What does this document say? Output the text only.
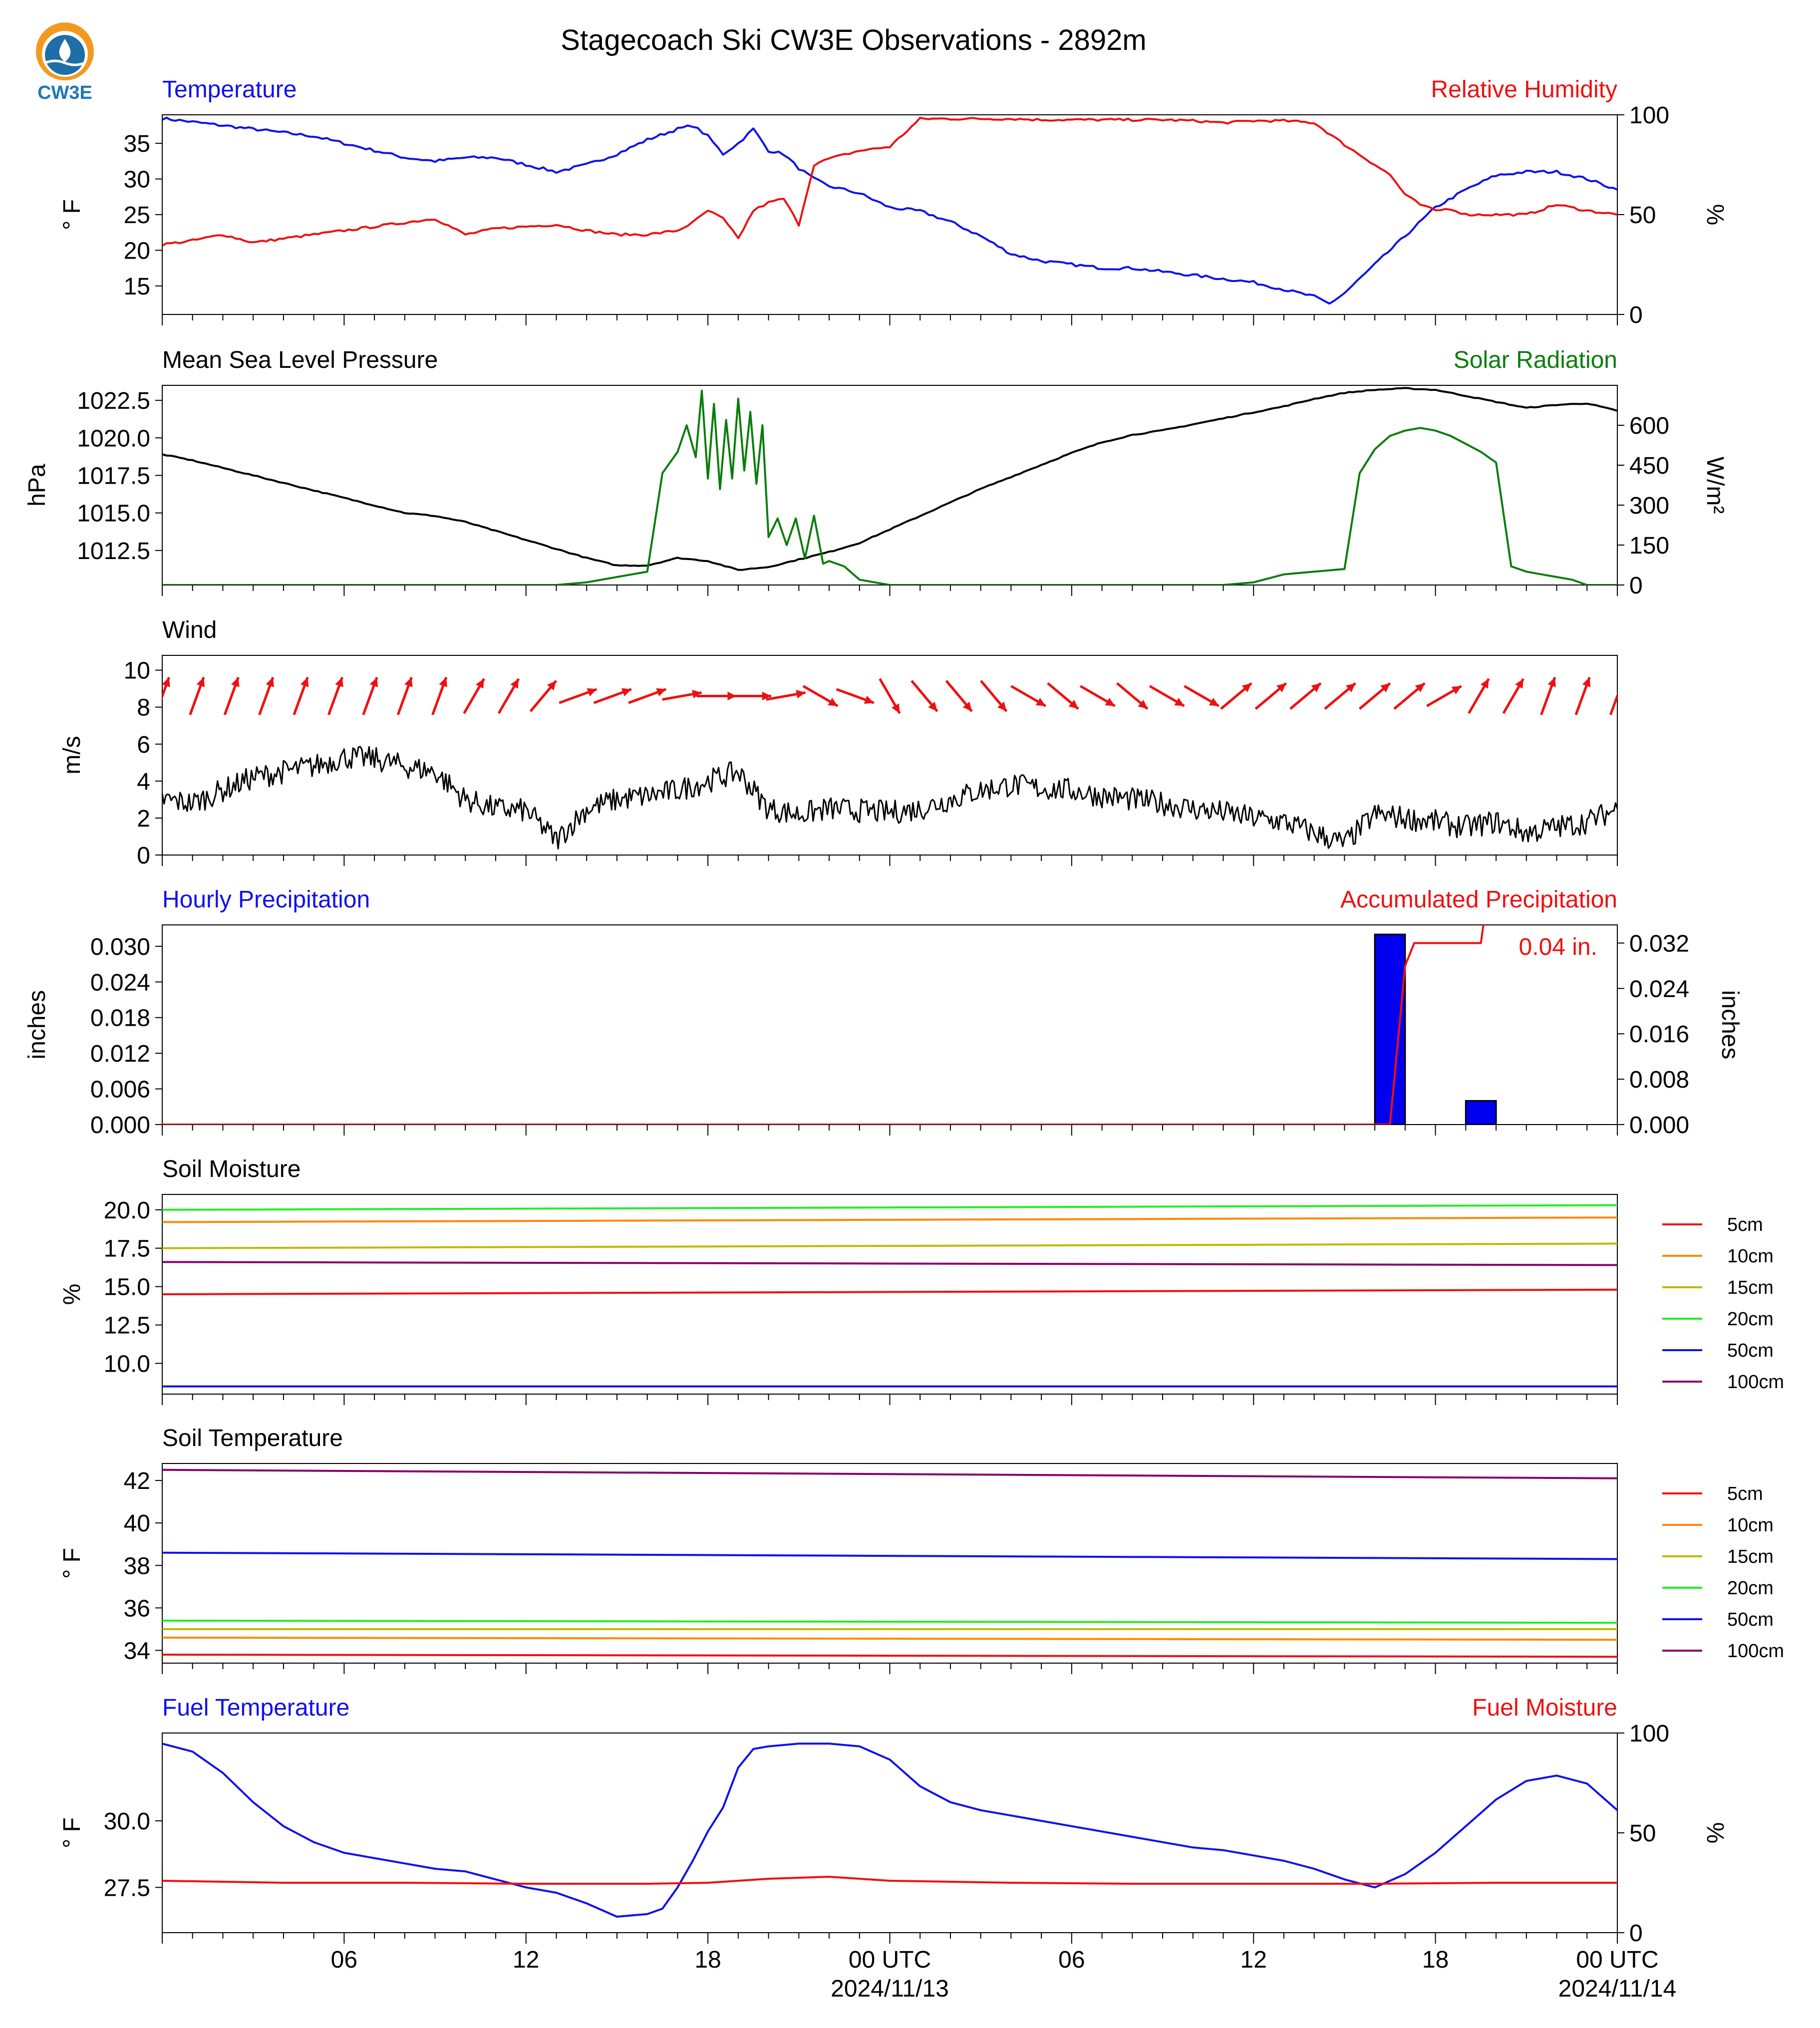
Stagecoach Ski CW3E Observations - 2892m
Temperature	Relative Humidity
15
20
25
30
35
° F
0
50
100
%
Mean Sea Level Pressure	Solar Radiation
1012.5
1015.0
1017.5
1020.0
1022.5
hPa
0
150
300
450
600
W/m²
Wind
0
2
4
6
8
10
m/s
Hourly Precipitation	Accumulated Precipitation
0.000
0.006
0.012
0.018
0.024
0.030
inches
0.000
0.008
0.016
0.024
0.032
inches
0.04 in.
Soil Moisture
10.0
12.5
15.0
17.5
20.0
%
5cm
10cm
15cm
20cm
50cm
100cm
Soil Temperature
34
36
38
40
42
° F
5cm
10cm
15cm
20cm
50cm
100cm
Fuel Temperature	Fuel Moisture
27.5
30.0
° F
0
50
100
%
06	12	18	00 UTC	06	12	18	00 UTC
2024/11/13	2024/11/14
CW3E
